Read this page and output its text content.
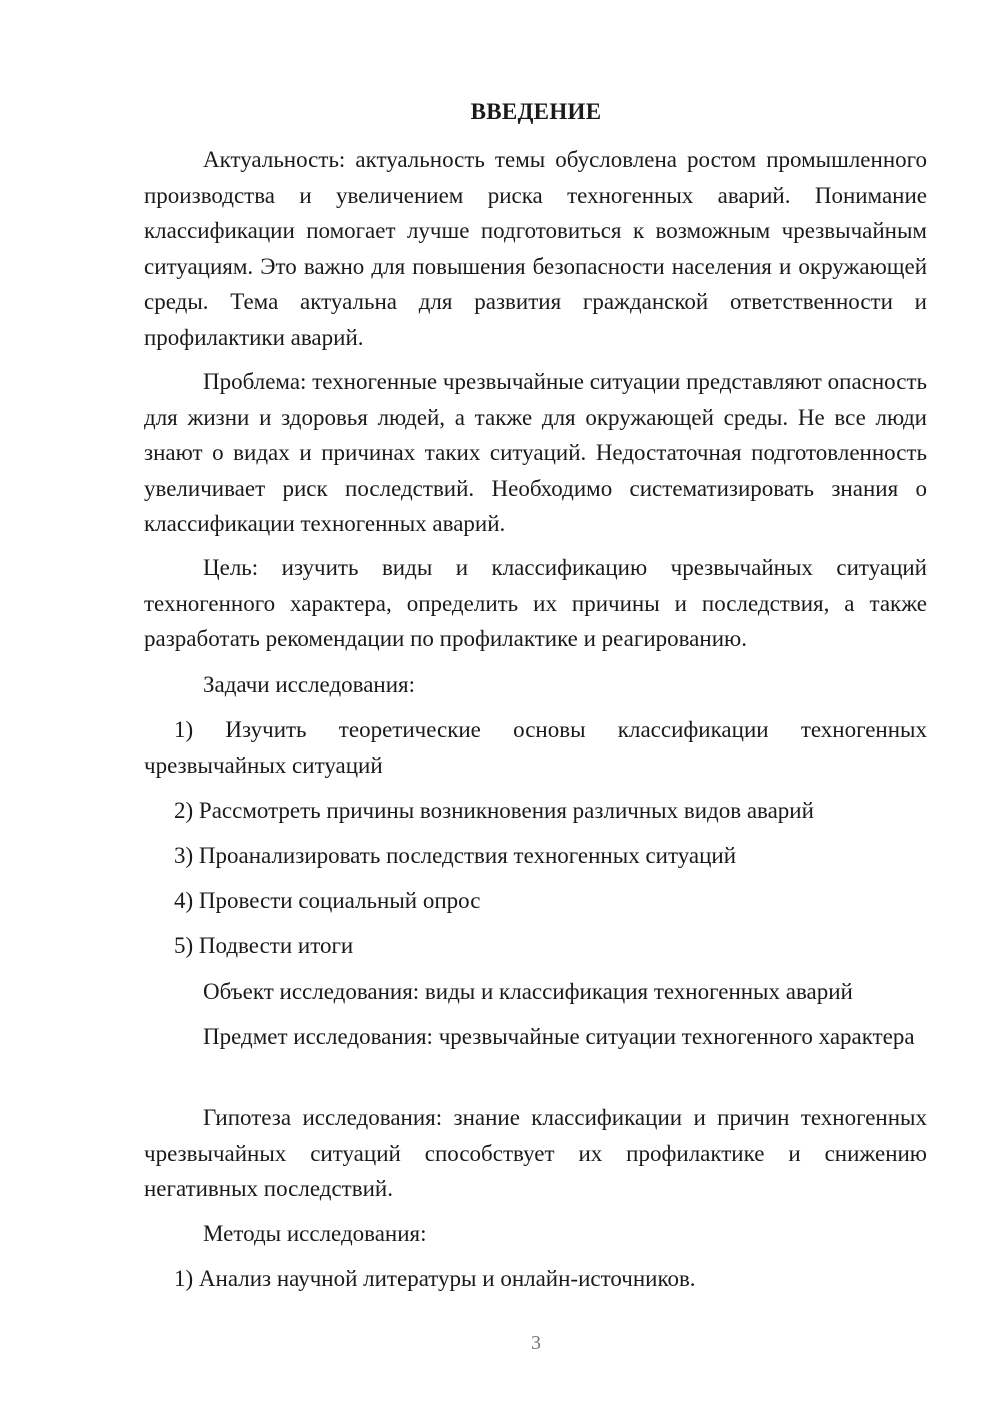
ВВЕДЕНИЕ

Актуальность: актуальность темы обусловлена ростом промышленного производства и увеличением риска техногенных аварий. Понимание классификации помогает лучше подготовиться к возможным чрезвычайным ситуациям. Это важно для повышения безопасности населения и окружающей среды. Тема актуальна для развития гражданской ответственности и профилактики аварий.

Проблема: техногенные чрезвычайные ситуации представляют опасность для жизни и здоровья людей, а также для окружающей среды. Не все люди знают о видах и причинах таких ситуаций. Недостаточная подготовленность увеличивает риск последствий. Необходимо систематизировать знания о классификации техногенных аварий.

Цель: изучить виды и классификацию чрезвычайных ситуаций техногенного характера, определить их причины и последствия, а также разработать рекомендации по профилактике и реагированию.

Задачи исследования:

1) Изучить теоретические основы классификации техногенных чрезвычайных ситуаций

2) Рассмотреть причины возникновения различных видов аварий
3) Проанализировать последствия техногенных ситуаций
4) Провести социальный опрос
5) Подвести итоги
Объект исследования: виды и классификация техногенных аварий

Предмет исследования: чрезвычайные ситуации техногенного характера

Гипотеза исследования: знание классификации и причин техногенных чрезвычайных ситуаций способствует их профилактике и снижению негативных последствий.

Методы исследования:
1) Анализ научной литературы и онлайн-источников.
3
